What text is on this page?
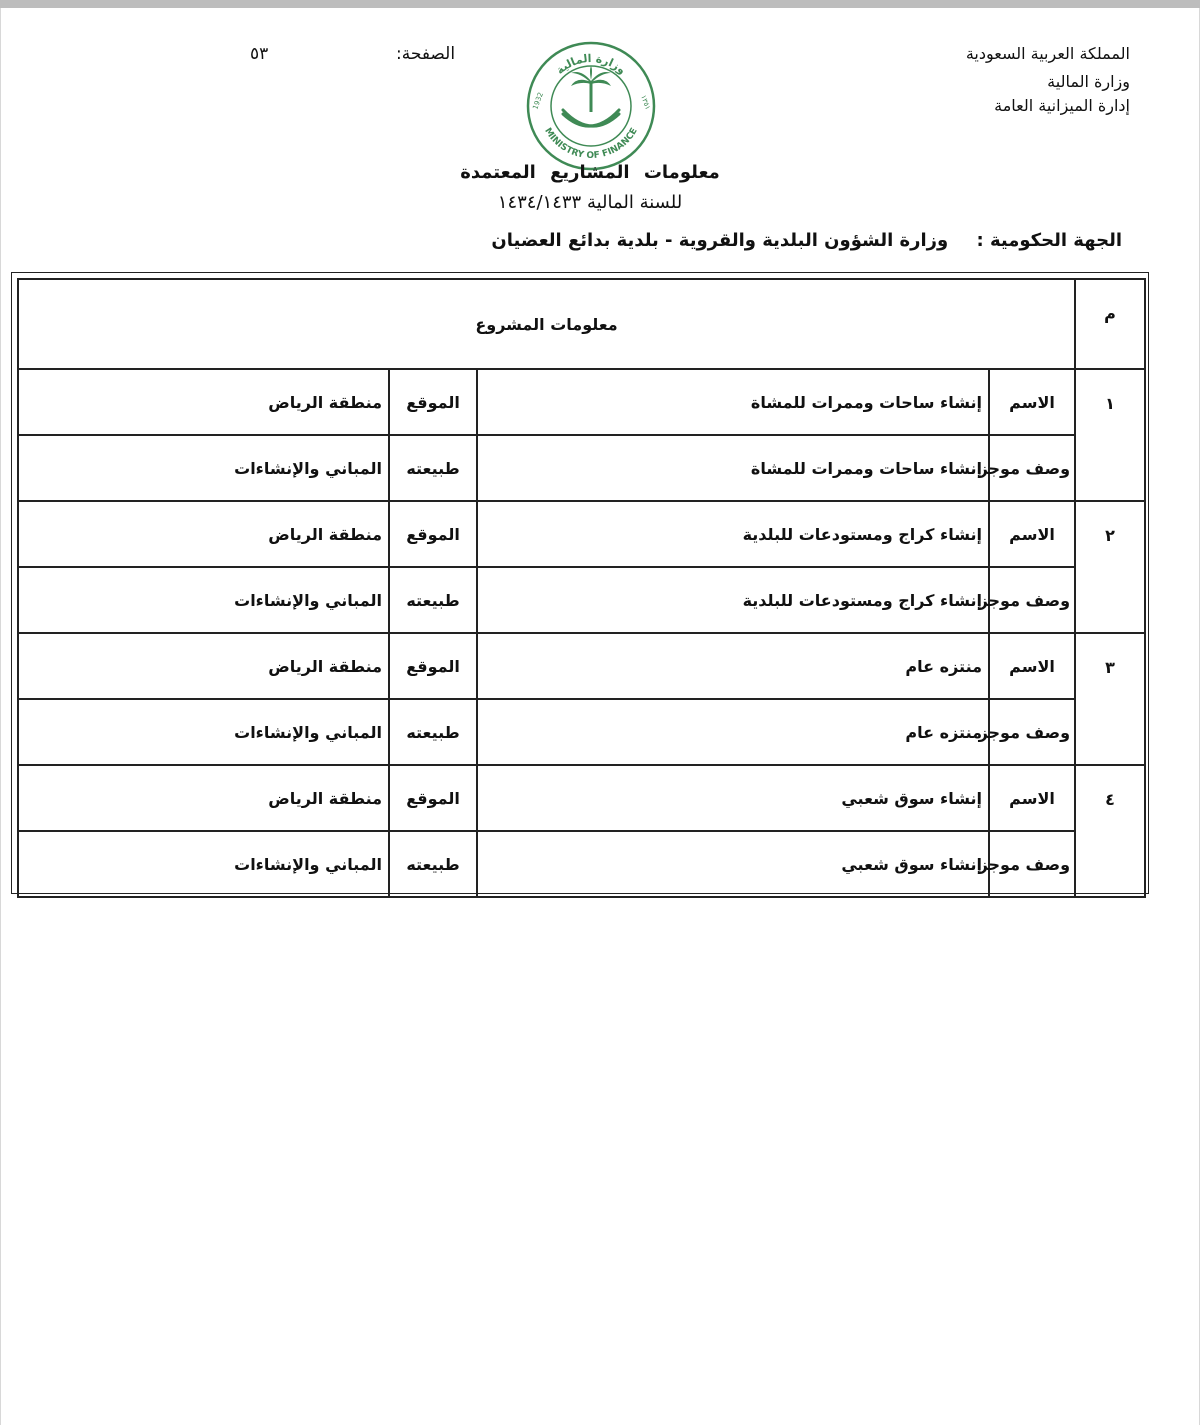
المملكة العربية السعودية
وزارة المالية
إدارة الميزانية العامة
الصفحة:
٥٣
وزارة المالية
MINISTRY OF FINANCE
1932	١٣٥١
معلومات المشاريع المعتمدة
للسنة المالية ١٤٣٤/١٤٣٣
الجهة الحكومية : وزارة الشؤون البلدية والقروية - بلدية بدائع العضيان
م	معلومات المشروع			
١	الاسم	إنشاء ساحات وممرات للمشاة	الموقع	منطقة الرياض
	وصف موجز	إنشاء ساحات وممرات للمشاة	طبيعته	المباني والإنشاءات
٢	الاسم	إنشاء كراج ومستودعات للبلدية	الموقع	منطقة الرياض
	وصف موجز	إنشاء كراج ومستودعات للبلدية	طبيعته	المباني والإنشاءات
٣	الاسم	منتزه عام	الموقع	منطقة الرياض
	وصف موجز	منتزه عام	طبيعته	المباني والإنشاءات
٤	الاسم	إنشاء سوق شعبي	الموقع	منطقة الرياض
	وصف موجز	إنشاء سوق شعبي	طبيعته	المباني والإنشاءات
